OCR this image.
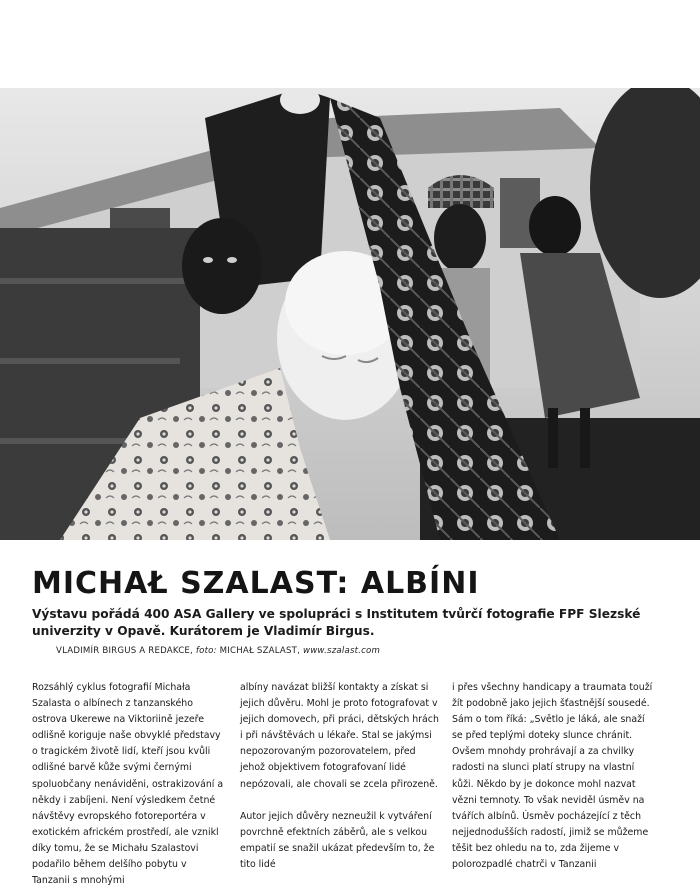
MICHAŁ SZALAST: ALBÍNI
Výstavu pořádá 400 ASA Gallery ve spolupráci s Institutem tvůrčí fotografie FPF Slezské univerzity v Opavě. Kurátorem je Vladimír Birgus.
VLADIMÍR BIRGUS A REDAKCE, foto: MICHAŁ SZALAST, www.szalast.com

Rozsáhlý cyklus fotografií Michała Szalasta o albínech z tanzanského ostrova Ukerewe na Viktoriině jezeře odlišně koriguje naše obvyklé představy o tragickém životě lidí, kteří jsou kvůli odlišné barvě kůže svými černými spoluobčany nenáviděni, ostrakizování a někdy i zabíjeni. Není výsledkem četné návštěvy evropského fotoreportéra v exotickém africkém prostředí, ale vznikl díky tomu, že se Michału Szalastovi podařilo během delšího pobytu v Tanzanii s mnohými

albíny navázat bližší kontakty a získat si jejich důvěru. Mohl je proto fotografovat v jejich domovech, při práci, dětských hrách i při návštěvách u lékaře. Stal se jakýmsi nepozorovaným pozorovatelem, před jehož objektivem fotografovaní lidé nepózovali, ale chovali se zcela přirozeně.

Autor jejich důvěry nezneužil k vytváření povrchně efektních záběrů, ale s velkou empatií se snažil ukázat především to, že tito lidé

i přes všechny handicapy a traumata touží žít podobně jako jejich šťastnější sousedé. Sám o tom říká: „Světlo je láká, ale snaží se před teplými doteky slunce chránit. Ovšem mnohdy prohrávají a za chvilky radosti na slunci platí strupy na vlastní kůži. Někdo by je dokonce mohl nazvat vězni temnoty. To však neviděl úsměv na tvářích albínů. Úsměv pocházející z těch nejjednodušších radostí, jimiž se můžeme těšit bez ohledu na to, zda žijeme v polorozpadlé chatrči v Tanzanii
